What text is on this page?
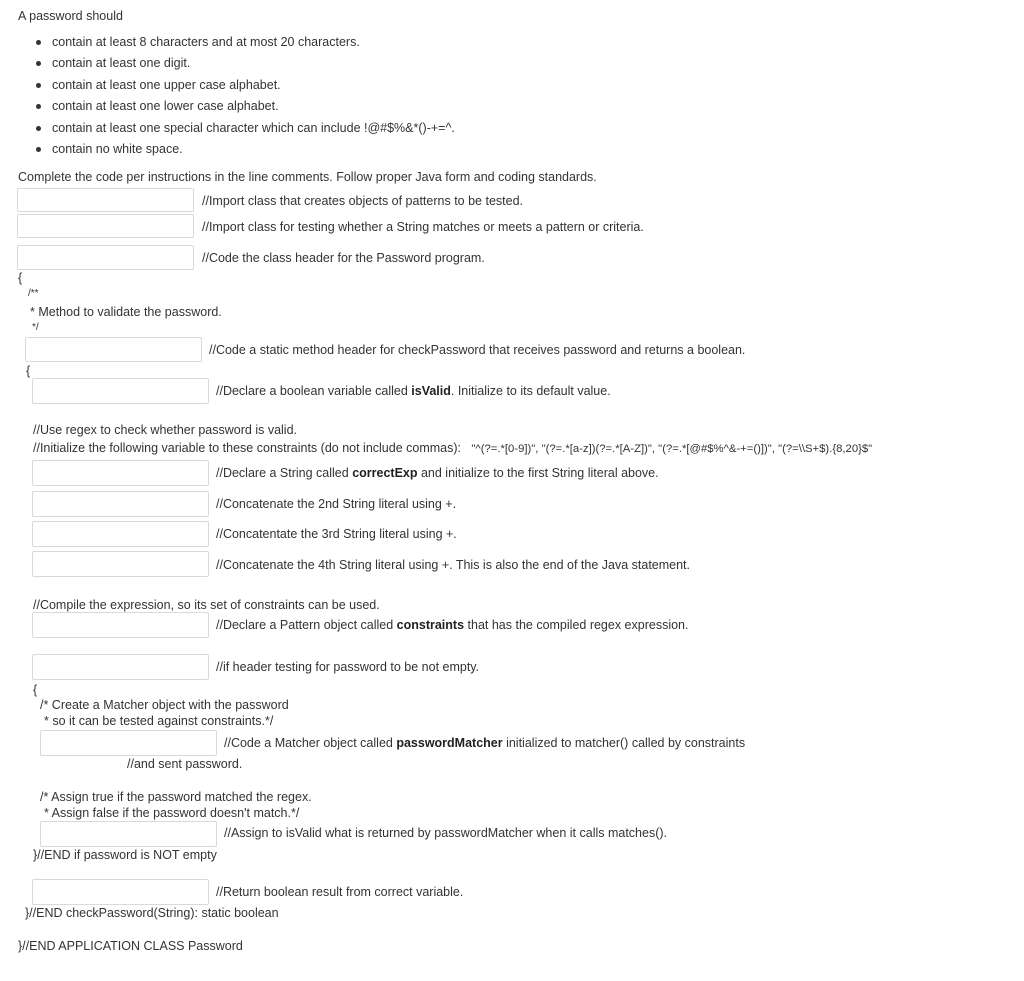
A password should
contain at least 8 characters and at most 20 characters.
contain at least one digit.
contain at least one upper case alphabet.
contain at least one lower case alphabet.
contain at least one special character which can include !@#$%&*()-+=^.
contain no white space.
Complete the code per instructions in the line comments. Follow proper Java form and coding standards.
//Import class that creates objects of patterns to be tested.
//Import class for testing whether a String matches or meets a pattern or criteria.
//Code the class header for the Password program.
{
/**
* Method to validate the password.
*/
//Code a static method header for checkPassword that receives password and returns a boolean.
{
//Declare a boolean variable called isValid. Initialize to its default value.
//Use regex to check whether password is valid.
//Initialize the following variable to these constraints (do not include commas): "^(?=.*[0-9])", "(?=.*[a-z])(?=.*[A-Z])", "(?=.*[@#$%^&-+=()])", "(?=\\S+$).{8,20}$"
//Declare a String called correctExp and initialize to the first String literal above.
//Concatenate the 2nd String literal using +.
//Concatentate the 3rd String literal using +.
//Concatenate the 4th String literal using +. This is also the end of the Java statement.
//Compile the expression, so its set of constraints can be used.
//Declare a Pattern object called constraints that has the compiled regex expression.
//if header testing for password to be not empty.
{
/* Create a Matcher object with the password
* so it can be tested against constraints.*/
//Code a Matcher object called passwordMatcher initialized to matcher() called by constraints
//and sent password.
/* Assign true if the password matched the regex.
* Assign false if the password doesn't match.*/
//Assign to isValid what is returned by passwordMatcher when it calls matches().
}//END if password is NOT empty
//Return boolean result from correct variable.
}//END checkPassword(String): static boolean
}//END APPLICATION CLASS Password
